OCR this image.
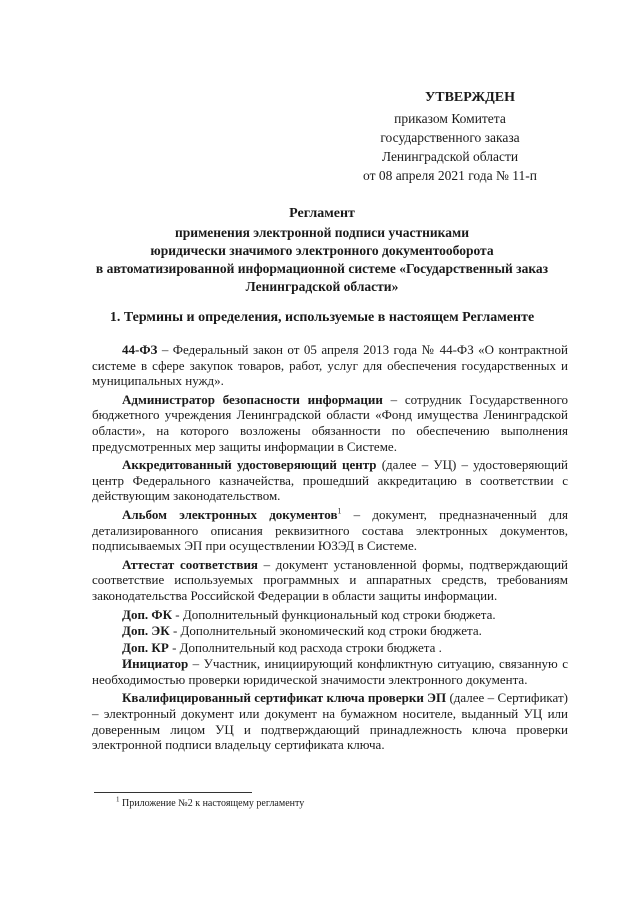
УТВЕРЖДЕН
приказом Комитета
государственного заказа
Ленинградской области
от 08 апреля 2021 года № 11-п
Регламент
применения электронной подписи участниками
юридически значимого электронного документооборота
в автоматизированной информационной системе «Государственный заказ
Ленинградской области»
1. Термины и определения, используемые в настоящем Регламенте

44-ФЗ – Федеральный закон от 05 апреля 2013 года № 44-ФЗ «О контрактной системе в сфере закупок товаров, работ, услуг для обеспечения государственных и муниципальных нужд».

Администратор безопасности информации – сотрудник Государственного бюджетного учреждения Ленинградской области «Фонд имущества Ленинградской области», на которого возложены обязанности по обеспечению выполнения предусмотренных мер защиты информации в Системе.

Аккредитованный удостоверяющий центр (далее – УЦ) – удостоверяющий центр Федерального казначейства, прошедший аккредитацию в соответствии с действующим законодательством.

Альбом электронных документов$^1$ – документ, предназначенный для детализированного описания реквизитного состава электронных документов, подписываемых ЭП при осуществлении ЮЗЭД в Системе.

Аттестат соответствия – документ установленной формы, подтверждающий соответствие используемых программных и аппаратных средств, требованиям законодательства Российской Федерации в области защиты информации.

Доп. ФК - Дополнительный функциональный код строки бюджета.

Доп. ЭК - Дополнительный экономический код строки бюджета.

Доп. КР - Дополнительный код расхода строки бюджета .

Инициатор – Участник, инициирующий конфликтную ситуацию, связанную с необходимостью проверки юридической значимости электронного документа.

Квалифицированный сертификат ключа проверки ЭП (далее – Сертификат) – электронный документ или документ на бумажном носителе, выданный УЦ или доверенным лицом УЦ и подтверждающий принадлежность ключа проверки электронной подписи владельцу сертификата ключа.

$^1$ Приложение №2 к настоящему регламенту
